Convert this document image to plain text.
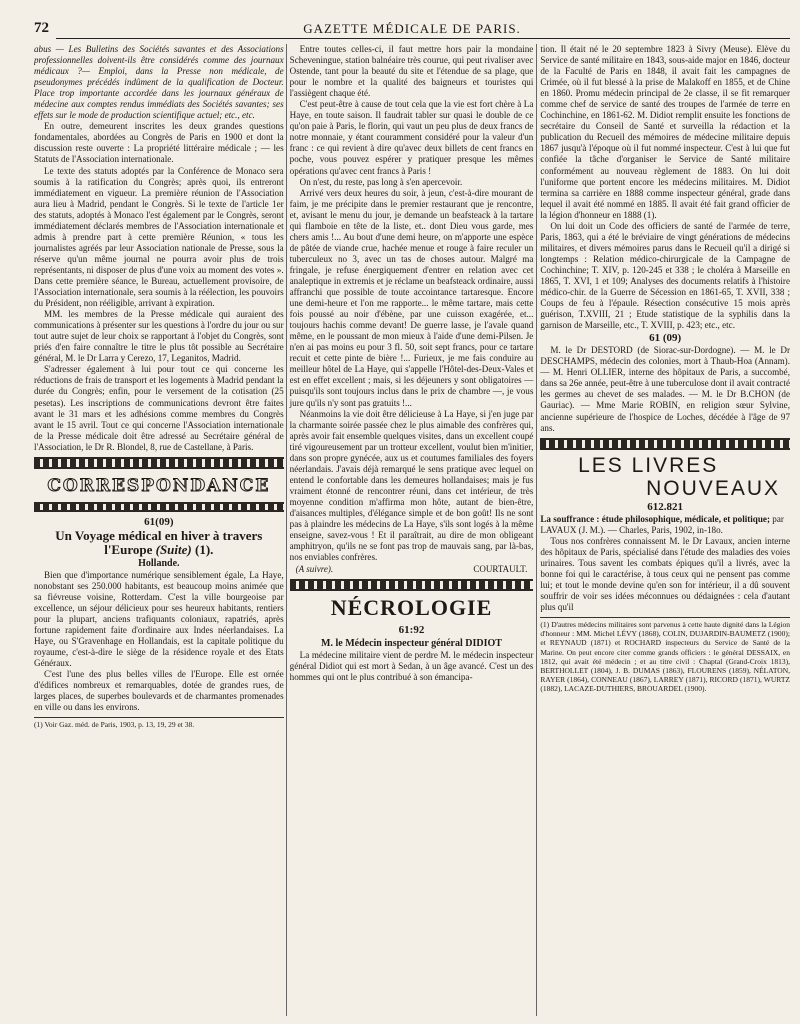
72	GAZETTE MÉDICALE DE PARIS.

abus — Les Bulletins des Sociétés savantes et des Associations professionnelles doivent-ils être considérés comme des journaux médicaux ?— Emploi, dans la Presse non médicale, de pseudonymes précédés indûment de la qualification de Docteur. Place trop importante accordée dans les journaux généraux de médecine aux comptes rendus immédiats des Sociétés savantes; ses effets sur le mode de production scientifique actuel; etc., etc.

En outre, demeurent inscrites les deux grandes questions fondamentales, abordées au Congrès de Paris en 1900 et dont la discussion reste ouverte : La propriété littéraire médicale ; — les Statuts de l'Association internationale.

Le texte des statuts adoptés par la Conférence de Monaco sera soumis à la ratification du Congrès; après quoi, ils entreront immédiatement en vigueur. La première réunion de l'Association aura lieu à Madrid, pendant le Congrès. Si le texte de l'article 1er des statuts, adoptés à Monaco l'est également par le Congrès, seront immédiatement déclarés membres de l'Association internationale et admis à prendre part à cette première Réunion, « tous les journalistes agréés par leur Association nationale de Presse, sous la réserve qu'un même journal ne pourra avoir plus de trois représentants, ni disposer de plus d'une voix au moment des votes ». Dans cette première séance, le Bureau, actuellement provisoire, de l'Association internationale, sera soumis à la réélection, les pouvoirs du Président, non rééligible, arrivant à expiration.

MM. les membres de la Presse médicale qui auraient des communications à présenter sur les questions à l'ordre du jour ou sur tout autre sujet de leur choix se rapportant à l'objet du Congrès, sont priés d'en faire connaître le titre le plus tôt possible au Secrétaire général, M. le Dr Larra y Cerezo, 17, Leganitos, Madrid.

S'adresser également à lui pour tout ce qui concerne les réductions de frais de transport et les logements à Madrid pendant la durée du Congrès; enfin, pour le versement de la cotisation (25 pesetas). Les inscriptions de communications devront être faites avant le 31 mars et les adhésions comme membres du Congrès avant le 15 avril. Tout ce qui concerne l'Association internationale de la Presse médicale doit être adressé au Secrétaire général de l'Association, le Dr R. Blondel, 8, rue de Castellane, à Paris.

CORRESPONDANCE
61(09)
Un Voyage médical en hiver à travers l'Europe (Suite) (1).
Hollande.

Bien que d'importance numérique sensiblement égale, La Haye, nonobstant ses 250.000 habitants, est beaucoup moins animée que sa fiévreuse voisine, Rotterdam. C'est la ville bourgeoise par excellence, un séjour délicieux pour ses heureux habitants, rentiers pour la plupart, anciens trafiquants coloniaux, rapatriés, après fortune rapidement faite d'ordinaire aux Indes néerlandaises. La Haye, ou S'Gravenhage en Hollandais, est la capitale politique du royaume, c'est-à-dire le siège de la résidence royale et des Etats Généraux.

C'est l'une des plus belles villes de l'Europe. Elle est ornée d'édifices nombreux et remarquables, dotée de grandes rues, de larges places, de superbes boulevards et de charmantes promenades en ville ou dans les environs.

(1) Voir Gaz. méd. de Paris, 1903, p. 13, 19, 29 et 38.

Entre toutes celles-ci, il faut mettre hors pair la mondaine Scheveningue, station balnéaire très courue, qui peut rivaliser avec Ostende, tant pour la beauté du site et l'étendue de sa plage, que pour le nombre et la qualité des baigneurs et touristes qui l'assiègent chaque été.

C'est peut-être à cause de tout cela que la vie est fort chère à La Haye, en toute saison. Il faudrait tabler sur quasi le double de ce qu'on paie à Paris, le florin, qui vaut un peu plus de deux francs de notre monnaie, y étant couramment considéré pour la valeur d'un franc : ce qui revient à dire qu'avec deux billets de cent francs en poche, vous pouvez espérer y pratiquer presque les mêmes opérations qu'avec cent francs à Paris !

On n'est, du reste, pas long à s'en apercevoir.

Arrivé vers deux heures du soir, à jeun, c'est-à-dire mourant de faim, je me précipite dans le premier restaurant que je rencontre, et, avisant le menu du jour, je demande un beafsteack à la tartare qui flamboie en tête de la liste, et.. dont Dieu vous garde, mes chers amis !... Au bout d'une demi heure, on m'apporte une espèce de pâtée de viande crue, hachée menue et rouge à faire reculer un tuberculeux no 3, avec un tas de choses autour. Malgré ma fringale, je refuse énergiquement d'entrer en relation avec cet analeptique in extremis et je réclame un beafsteack ordinaire, aussi affranchi que possible de toute accointance tartaresque. Encore une demi-heure et l'on me rapporte... le même tartare, mais cette fois poussé au noir d'ébène, par une cuisson exagérée, et... toujours hachis comme devant! De guerre lasse, je l'avale quand même, en le poussant de mon mieux à l'aide d'une demi-Pilsen. Je n'en ai pas moins eu pour 3 fl. 50, soit sept francs, pour ce tartare recuit et cette pinte de bière !... Furieux, je me fais conduire au meilleur hôtel de La Haye, qui s'appelle l'Hôtel-des-Deux-Vales et est en effet excellent ; mais, si les déjeuners y sont obligatoires — puisqu'ils sont toujours inclus dans le prix de chambre —, je vous jure qu'ils n'y sont pas gratuits !...

Néanmoins la vie doit être délicieuse à La Haye, si j'en juge par la charmante soirée passée chez le plus aimable des confrères qui, après avoir fait ensemble quelques visites, dans un excellent coupé tiré vigoureusement par un trotteur excellent, voulut bien m'initier, dans son propre gynécée, aux us et coutumes familiales des foyers néerlandais. J'avais déjà remarqué le sens pratique avec lequel on entend le confortable dans les demeures hollandaises; mais je fus vraiment étonné de rencontrer réuni, dans cet intérieur, de très moyenne condition m'affirma mon hôte, autant de bien-être, d'aisances multiples, d'élégance simple et de bon goût! Ils ne sont pas à plaindre les médecins de La Haye, s'ils sont logés à la même enseigne, savez-vous ! Et il paraîtrait, au dire de mon obligeant amphitryon, qu'ils ne se font pas trop de mauvais sang, par là-bas, nos enviables confrères.

(A suivre).	COURTAULT.
NÉCROLOGIE
61:92
M. le Médecin inspecteur général DIDIOT

La médecine militaire vient de perdre M. le médecin inspecteur général Didiot qui est mort à Sedan, à un âge avancé. C'est un des hommes qui ont le plus contribué à son émancipa-

tion. Il était né le 20 septembre 1823 à Sivry (Meuse). Elève du Service de santé militaire en 1843, sous-aide major en 1846, docteur de la Faculté de Paris en 1848, il avait fait les campagnes de Crimée, où il fut blessé à la prise de Malakoff en 1855, et de Chine en 1860. Promu médecin principal de 2e classe, il se fit remarquer comme chef de service de santé des troupes de l'armée de terre en Cochinchine, en 1861-62. M. Didiot remplit ensuite les fonctions de secrétaire du Conseil de Santé et surveilla la rédaction et la publication du Recueil des mémoires de médecine militaire depuis 1867 jusqu'à l'époque où il fut nommé inspecteur. C'est à lui que fut confiée la tâche d'organiser le Service de Santé militaire conformément au nouveau règlement de 1883. On lui doit l'uniforme que portent encore les médecins militaires. M. Didiot termina sa carrière en 1888 comme inspecteur général, grade dans lequel il avait été nommé en 1885. Il avait été fait grand officier de la légion d'honneur en 1888 (1).

On lui doit un Code des officiers de santé de l'armée de terre, Paris, 1863, qui a été le bréviaire de vingt générations de médecins militaires, et divers mémoires parus dans le Recueil qu'il a dirigé si longtemps : Relation médico-chirurgicale de la Campagne de Cochinchine; T. XIV, p. 120-245 et 338 ; le choléra à Marseille en 1865, T. XVI, 1 et 109; Analyses des documents relatifs à l'histoire médico-chir. de la Guerre de Sécession en 1861-65, T. XVII, 338 ; Coups de feu à l'épaule. Résection consécutive 15 mois après guérison, T.XVIII, 21 ; Etude statistique de la syphilis dans la garnison de Marseille, etc., T. XVIII, p. 423; etc., etc.

61 (09)

M. le Dr DESTORD (de Siorac-sur-Dordogne). — M. le Dr DESCHAMPS, médecin des colonies, mort à Thaub-Hoa (Annam). — M. Henri OLLIER, interne des hôpitaux de Paris, a succombé, dans sa 26e année, peut-être à une tuberculose dont il avait contracté les germes au chevet de ses malades. — M. le Dr B.CHON (de Gauriac). — Mme Marie ROBIN, en religion sœur Sylvine, ancienne supérieure de l'hospice de Loches, décédée à l'âge de 97 ans.

LES LIVRES
NOUVEAUX
612.821
La souffrance : étude philosophique, médicale, et politique; par LAVAUX (J. M.). — Charles, Paris, 1902, in-18o.

Tous nos confrères connaissent M. le Dr Lavaux, ancien interne des hôpitaux de Paris, spécialisé dans l'étude des maladies des voies urinaires. Tous savent les combats épiques qu'il a livrés, avec la bonne foi qui le caractérise, à tous ceux qui ne pensent pas comme lui; et tout le monde devine qu'en son for intérieur, il a dû souvent souffrir de voir ses idées méconnues ou dédaignées : cela d'autant plus qu'il

(1) D'autres médecins militaires sont parvenus à cette haute dignité dans la Légion d'honneur : MM. Michel LÉVY (1868), COLIN, DUJARDIN-BAUMETZ (1900); et REYNAUD (1871) et ROCHARD inspecteurs du Service de Santé de la Marine. On peut encore citer comme grands officiers : le général DESSAIX, en 1812, qui avait été médecin ; et au titre civil : Chaptal (Grand-Croix 1813), BERTHOLLET (1804), J. B. DUMAS (1863), FLOURENS (1859), NÉLATON, RAYER (1864), CONNEAU (1867), LARREY (1871), RICORD (1871), WURTZ (1882), LACAZE-DUTHIERS, BROUARDEL (1900).
